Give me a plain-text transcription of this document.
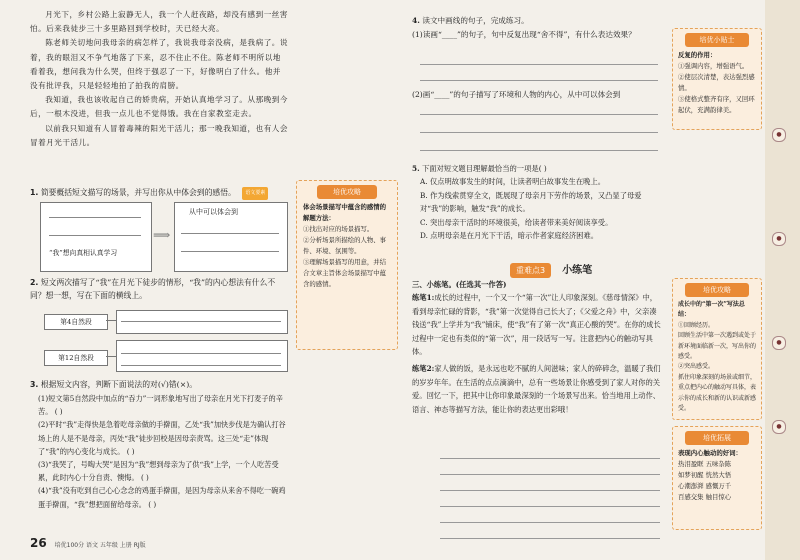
月光下，乡村公路上寂静无人，我一个人赶夜路，却没有感到一丝害怕。后来我徒步三十多里路回到学校时，天已经大亮。

陈老师关切地问我母亲的病怎样了，我说我母亲没病，是我病了。说着，我的眼泪又不争气地落了下来，忍不住止不住。陈老师不明所以地看着我，想问我为什么哭，但终于强忍了一下，好像明白了什么。他并没有批评我，只是轻轻地拍了拍我的肩膀。

我知道，我也该收起自己的娇贵病，开始认真地学习了。从那晚到今后，一根木没进，但我一点儿也不觉得饿。我在自家教室走去。

以前我只知道有人冒着毒辣的阳光干活儿；那一晚我知道，也有人会冒着月光干活儿。

1. 简要概括短文描写的场景，并写出你从中体会到的感悟。 语文要素
“我”想向真相认真学习
⟹
从中可以体会到
2. 短文两次描写了“我”在月光下徒步的情形，“我”的内心想法有什么不同？想一想，写在下面的横线上。
第4自然段
第12自然段
3. 根据短文内容，判断下面说法的对(√)错(×)。
(1)短文第5自然段中加点的“吞力”一词形象地写出了母亲在月光下打麦子的辛苦。 ( )
(2)平时“我”走得快是急着吃母亲做的手擀面，乙处“我”加快步伐是为确认打谷场上的人是不是母亲，丙处“我”徒步回校是因母亲责骂。这三处“走”体现了“我”的内心变化与成长。 ( )
(3)“我哭了，号啕大哭”是因为“我”想到母亲为了供“我”上学，一个人吃苦受累，此时内心十分自责、懊悔。 ( )
(4)“我”没有吃到自己心心念念的鸡蛋手擀面，是因为母亲从来舍不得吃一碗鸡蛋手擀面，“我”想把面留给母亲。 ( )
培优攻略
体会场景描写中蕴含的感情的解题方法：
①找出对应的场景描写。
②分析场景所描绘的人物、事件、环境、氛围等。
③理解场景描写的用意，并结合文章主旨体会场景描写中蕴含的感情。
4. 读文中画线的句子，完成练习。
(1)读画“____”的句子，句中反复出现“舍不得”，有什么表达效果？
(2)画“____”的句子描写了环境和人物的内心，从中可以体会到
5. 下面对短文题目理解最恰当的一项是( )
A. 仅点明故事发生的时间，让读者明白故事发生在晚上。
B. 作为线索贯穿全文，既展现了母亲月下劳作的场景，又凸显了母爱对“我”的影响，触发“我”的成长。
C. 突出母亲干活时的环境很美，给读者带来美好阅读享受。
D. 点明母亲是在月光下干活，暗示作者家庭经济困难。
重难点3 小练笔
三、小练笔。(任选其一作答)
练笔1:成长的过程中，一个又一个“第一次”让人印象深刻。《慈母情深》中，看到母亲忙碌的背影，“我”第一次觉得自己长大了；《父爱之舟》中，父亲凑钱送“我”上学并为“我”铺床，使“我”有了第一次“真正心酸的哭”。在你的成长过程中一定也有类似的“第一次”，用一段话写一写。注意把内心的触动写具体。
练笔2:家人做的饭，是永远也吃不腻的人间滋味；家人的碎碎念，温暖了我们的岁岁年年。在生活的点点滴滴中，总有一些场景让你感受到了家人对你的关爱。回忆一下，把其中让你印象最深刻的一个场景写出来。恰当地用上动作、语言、神态等描写方法，能让你的表达更出彩哦！
培优小贴士
反复的作用：
①强调内容，增强语气。
②使层次清楚，表达强烈感情。
③使格式整齐有序，又回环起伏，充满韵律美。
培优攻略
成长中的“第一次”写法总结：
①回顾经历。
回顾生活中第一次遇到或处于新环境面临新一次，写出你的感受。
②突出感受。
抓住印象深刻的场景或细节，重点把内心的触动写具体，表示你的成长和新的认识或新感受。
培优拓展
表现内心触动的好词：
热泪盈眶 五味杂陈
如梦初醒 恍然大悟
心潮澎湃 感慨万千
百感交集 触目惊心
●
●
●
●
26 培优100分 语文 五年级 上册 RJ版
